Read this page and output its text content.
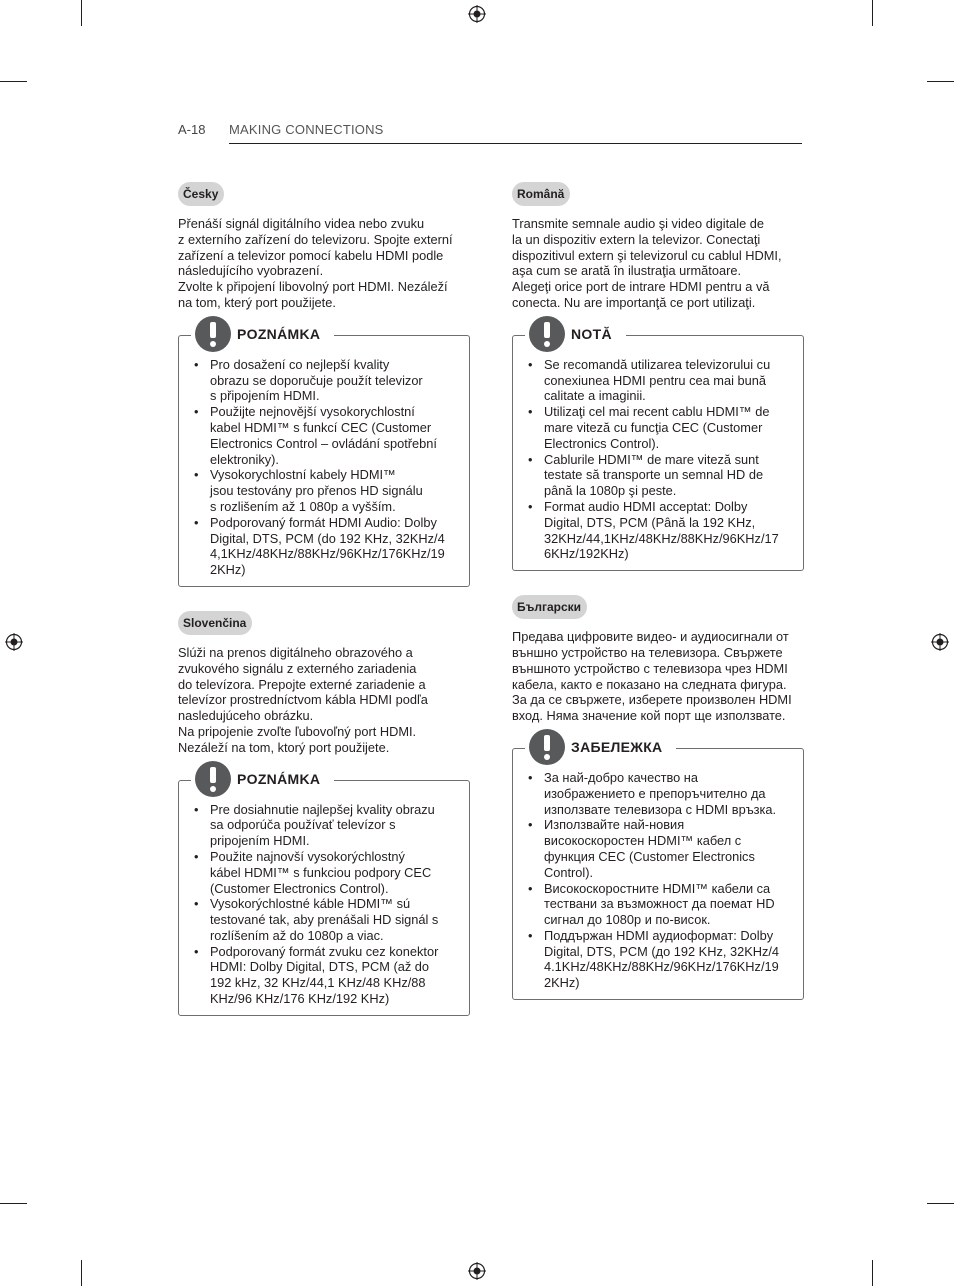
A-18 MAKING CONNECTIONS
Česky
Přenáší signál digitálního videa nebo zvuku
z externího zařízení do televizoru. Spojte externí
zařízení a televizor pomocí kabelu HDMI podle
následujícího vyobrazení.
Zvolte k připojení libovolný port HDMI. Nezáleží
na tom, který port použijete.
POZNÁMKA
• Pro dosažení co nejlepší kvality
obrazu se doporučuje použít televizor
s připojením HDMI.
• Použijte nejnovější vysokorychlostní
kabel HDMI™ s funkcí CEC (Customer
Electronics Control – ovládání spotřební
elektroniky).
• Vysokorychlostní kabely HDMI™
jsou testovány pro přenos HD signálu
s rozlišením až 1 080p a vyšším.
• Podporovaný formát HDMI Audio: Dolby
Digital, DTS, PCM (do 192 KHz, 32KHz/4
4,1KHz/48KHz/88KHz/96KHz/176KHz/19
2KHz)
Slovenčina
Slúži na prenos digitálneho obrazového a
zvukového signálu z externého zariadenia
do televízora. Prepojte externé zariadenie a
televízor prostredníctvom kábla HDMI podľa
nasledujúceho obrázku.
Na pripojenie zvoľte ľubovoľný port HDMI.
Nezáleží na tom, ktorý port použijete.
POZNÁMKA
• Pre dosiahnutie najlepšej kvality obrazu
sa odporúča používať televízor s
pripojením HDMI.
• Použite najnovší vysokorýchlostný
kábel HDMI™ s funkciou podpory CEC
(Customer Electronics Control).
• Vysokorýchlostné káble HDMI™ sú
testované tak, aby prenášali HD signál s
rozlíšením až do 1080p a viac.
• Podporovaný formát zvuku cez konektor
HDMI: Dolby Digital, DTS, PCM (až do
192 kHz, 32 KHz/44,1 KHz/48 KHz/88
KHz/96 KHz/176 KHz/192 KHz)
Română
Transmite semnale audio şi video digitale de
la un dispozitiv extern la televizor. Conectaţi
dispozitivul extern şi televizorul cu cablul HDMI,
aşa cum se arată în ilustraţia următoare.
Alegeţi orice port de intrare HDMI pentru a vă
conecta. Nu are importanţă ce port utilizaţi.
NOTĂ
• Se recomandă utilizarea televizorului cu
conexiunea HDMI pentru cea mai bună
calitate a imaginii.
• Utilizaţi cel mai recent cablu HDMI™ de
mare viteză cu funcţia CEC (Customer
Electronics Control).
• Cablurile HDMI™ de mare viteză sunt
testate să transporte un semnal HD de
până la 1080p şi peste.
• Format audio HDMI acceptat: Dolby
Digital, DTS, PCM (Până la 192 KHz,
32KHz/44,1KHz/48KHz/88KHz/96KHz/17
6KHz/192KHz)
Български
Предава цифровите видео- и аудиосигнали от
външно устройство на телевизора. Свържете
външното устройство с телевизора чрез HDMI
кабела, както е показано на следната фигура.
За да се свържете, изберете произволен HDMI
вход. Няма значение кой порт ще използвате.
ЗАБЕЛЕЖКА
• За най-добро качество на
изображението е препоръчително да
използвате телевизора с HDMI връзка.
• Използвайте най-новия
високоскоростен HDMI™ кабел с
функция CEC (Customer Electronics
Control).
• Високоскоростните HDMI™ кабели са
тествани за възможност да поемат HD
сигнал до 1080p и по-висок.
• Поддържан HDMI аудиоформат: Dolby
Digital, DTS, PCM (до 192 KHz, 32KHz/4
4.1KHz/48KHz/88KHz/96KHz/176KHz/19
2KHz)
